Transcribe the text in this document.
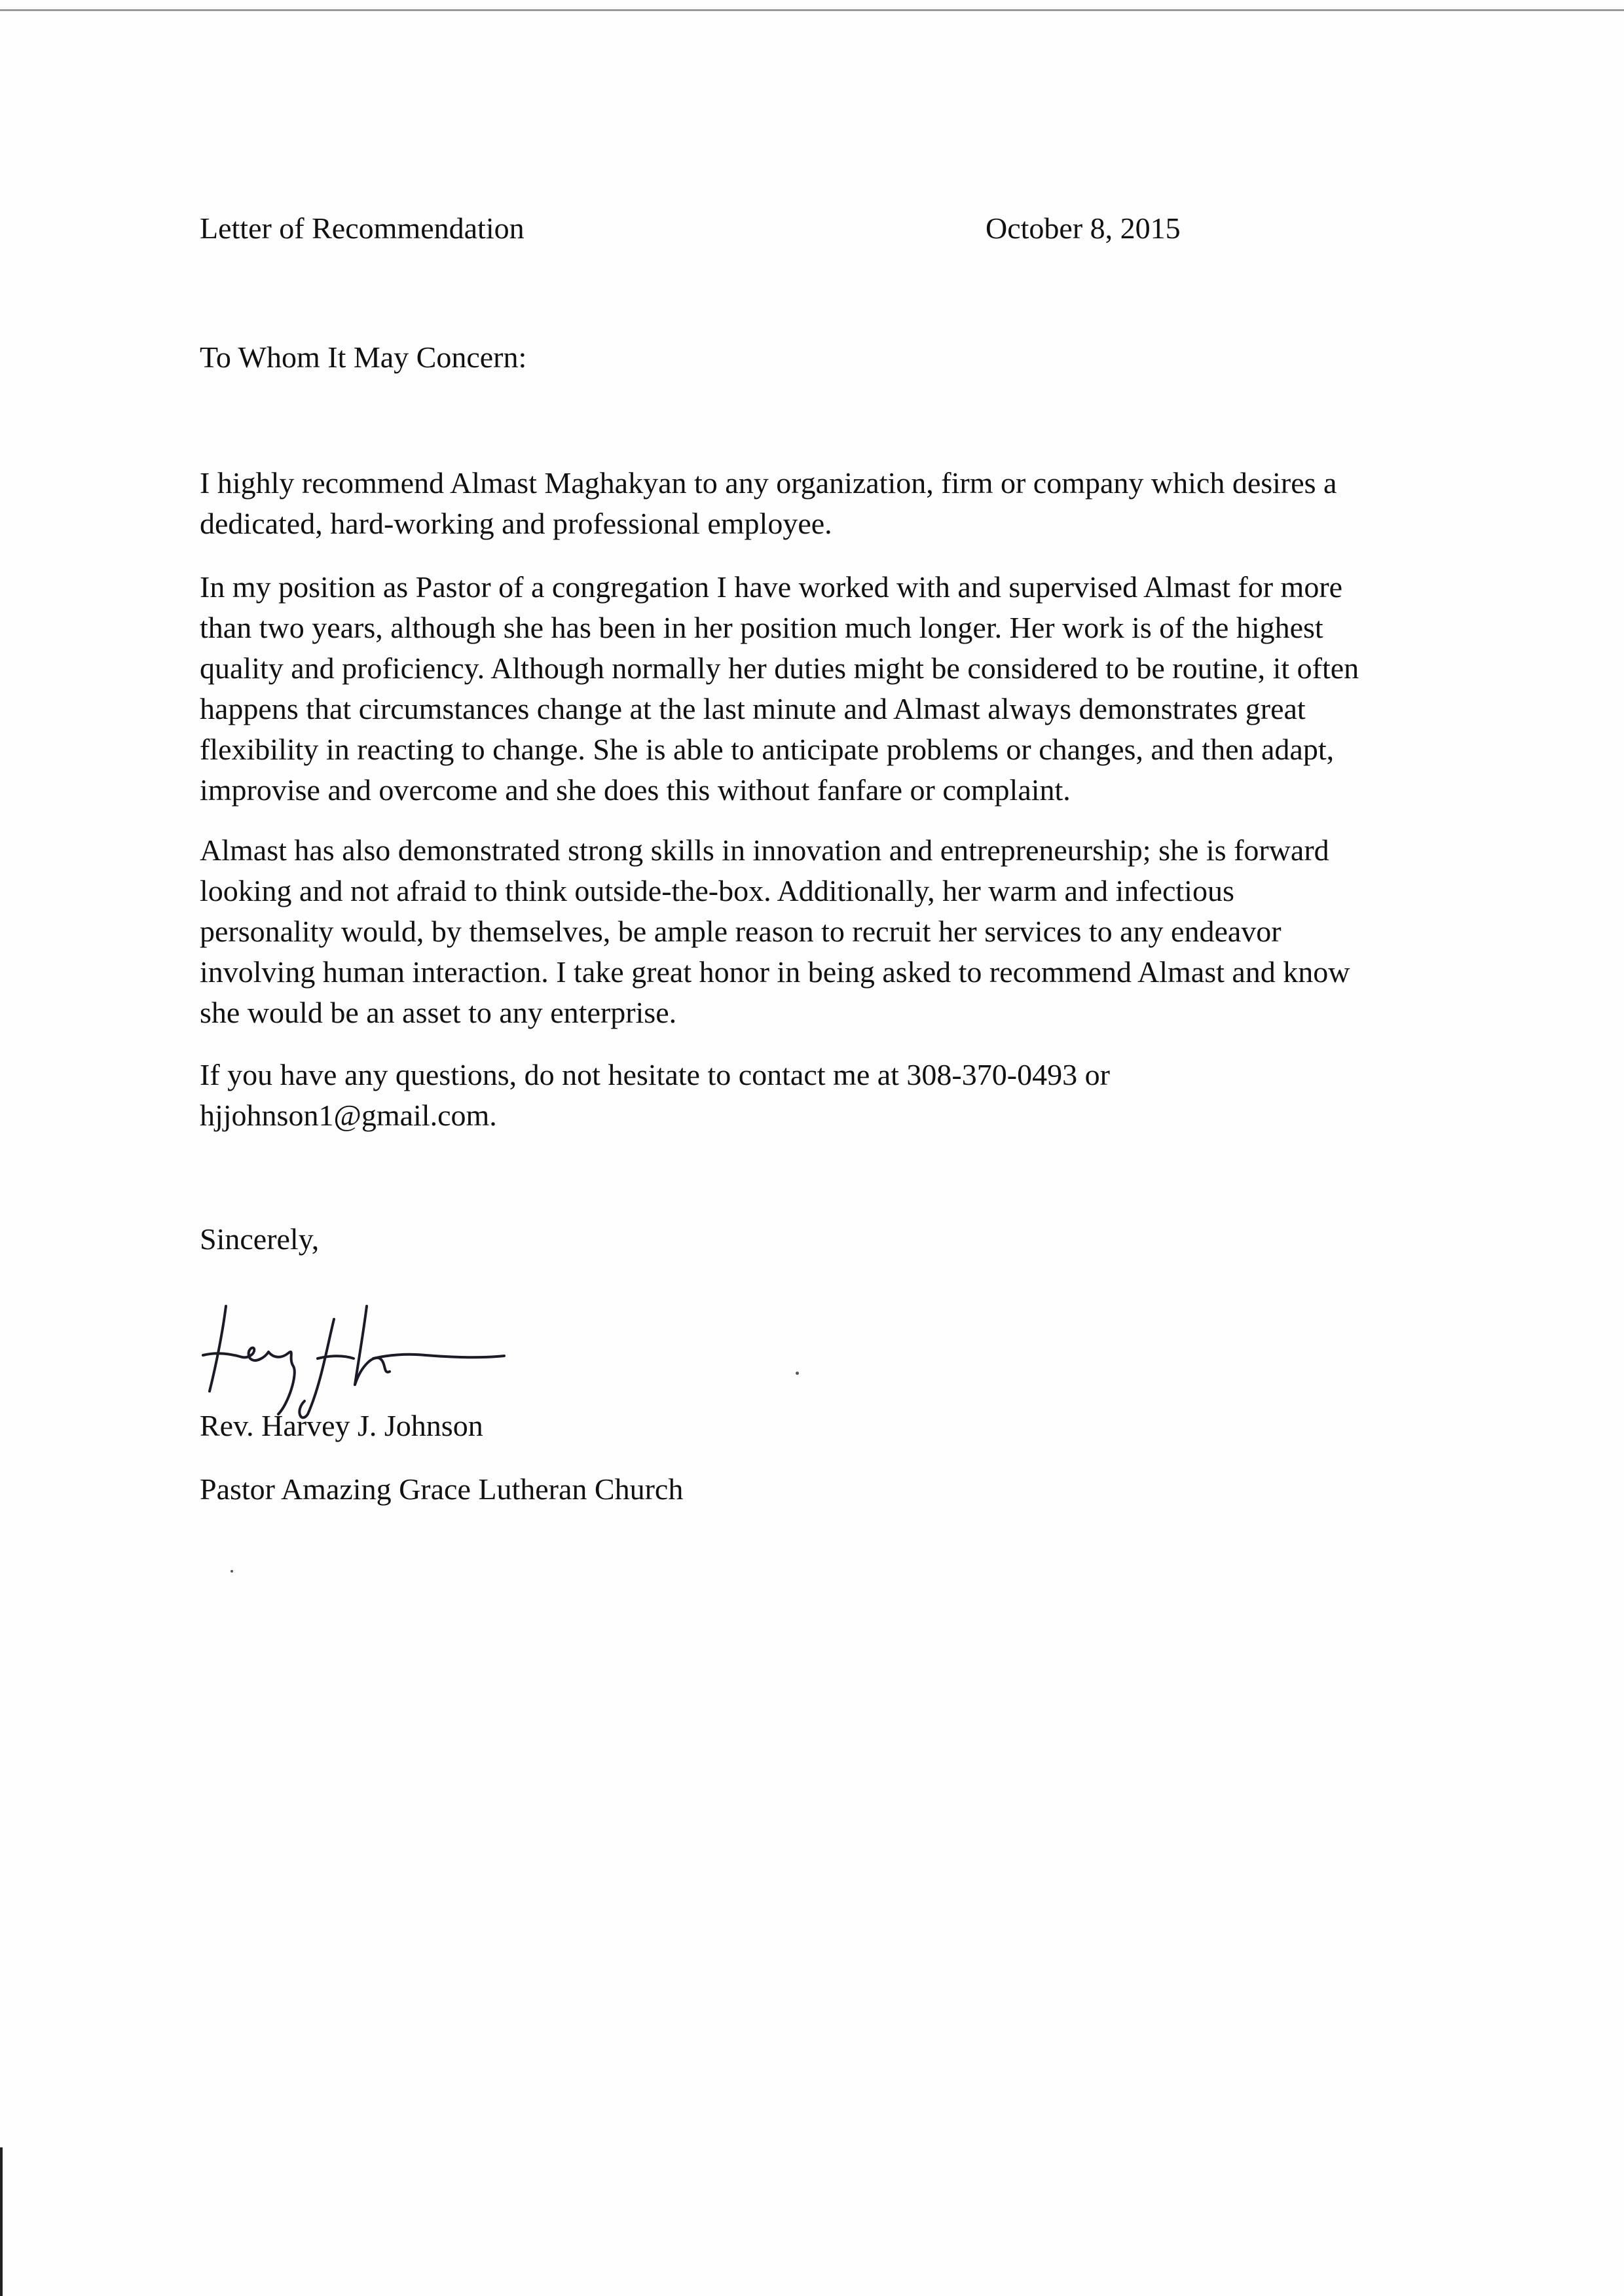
Letter of Recommendation	October 8, 2015
To Whom It May Concern:
I highly recommend Almast Maghakyan to any organization, firm or company which desires a
dedicated, hard-working and professional employee.
In my position as Pastor of a congregation I have worked with and supervised Almast for more
than two years, although she has been in her position much longer. Her work is of the highest
quality and proficiency. Although normally her duties might be considered to be routine, it often
happens that circumstances change at the last minute and Almast always demonstrates great
flexibility in reacting to change. She is able to anticipate problems or changes, and then adapt,
improvise and overcome and she does this without fanfare or complaint.
Almast has also demonstrated strong skills in innovation and entrepreneurship; she is forward
looking and not afraid to think outside-the-box. Additionally, her warm and infectious
personality would, by themselves, be ample reason to recruit her services to any endeavor
involving human interaction. I take great honor in being asked to recommend Almast and know
she would be an asset to any enterprise.
If you have any questions, do not hesitate to contact me at 308-370-0493 or
hjjohnson1@gmail.com.
Sincerely,
Rev. Harvey J. Johnson
Pastor Amazing Grace Lutheran Church
